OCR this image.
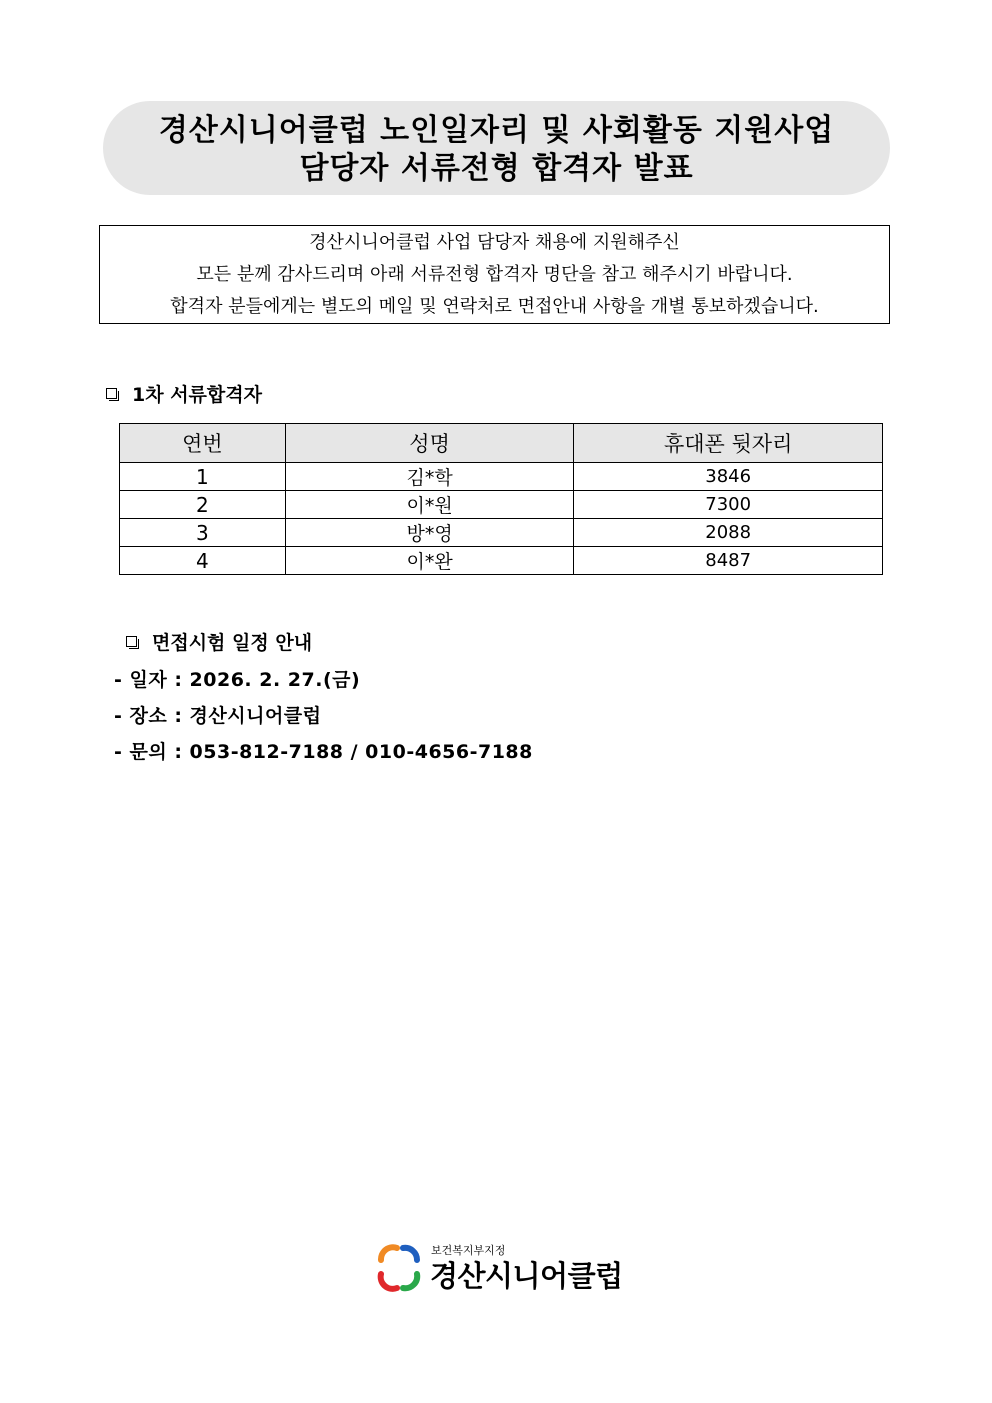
경산시니어클럽 노인일자리 및 사회활동 지원사업
담당자 서류전형 합격자 발표
경산시니어클럽 사업 담당자 채용에 지원해주신
모든 분께 감사드리며 아래 서류전형 합격자 명단을 참고 해주시기 바랍니다.
합격자 분들에게는 별도의 메일 및 연락처로 면접안내 사항을 개별 통보하겠습니다.
1차 서류합격자
연번	성명	휴대폰 뒷자리
1	김*학	3846
2	이*원	7300
3	방*영	2088
4	이*완	8487
면접시험 일정 안내
- 일자 : 2026. 2. 27.(금)
- 장소 : 경산시니어클럽
- 문의 : 053-812-7188 / 010-4656-7188
보건복지부지정
경산시니어클럽
